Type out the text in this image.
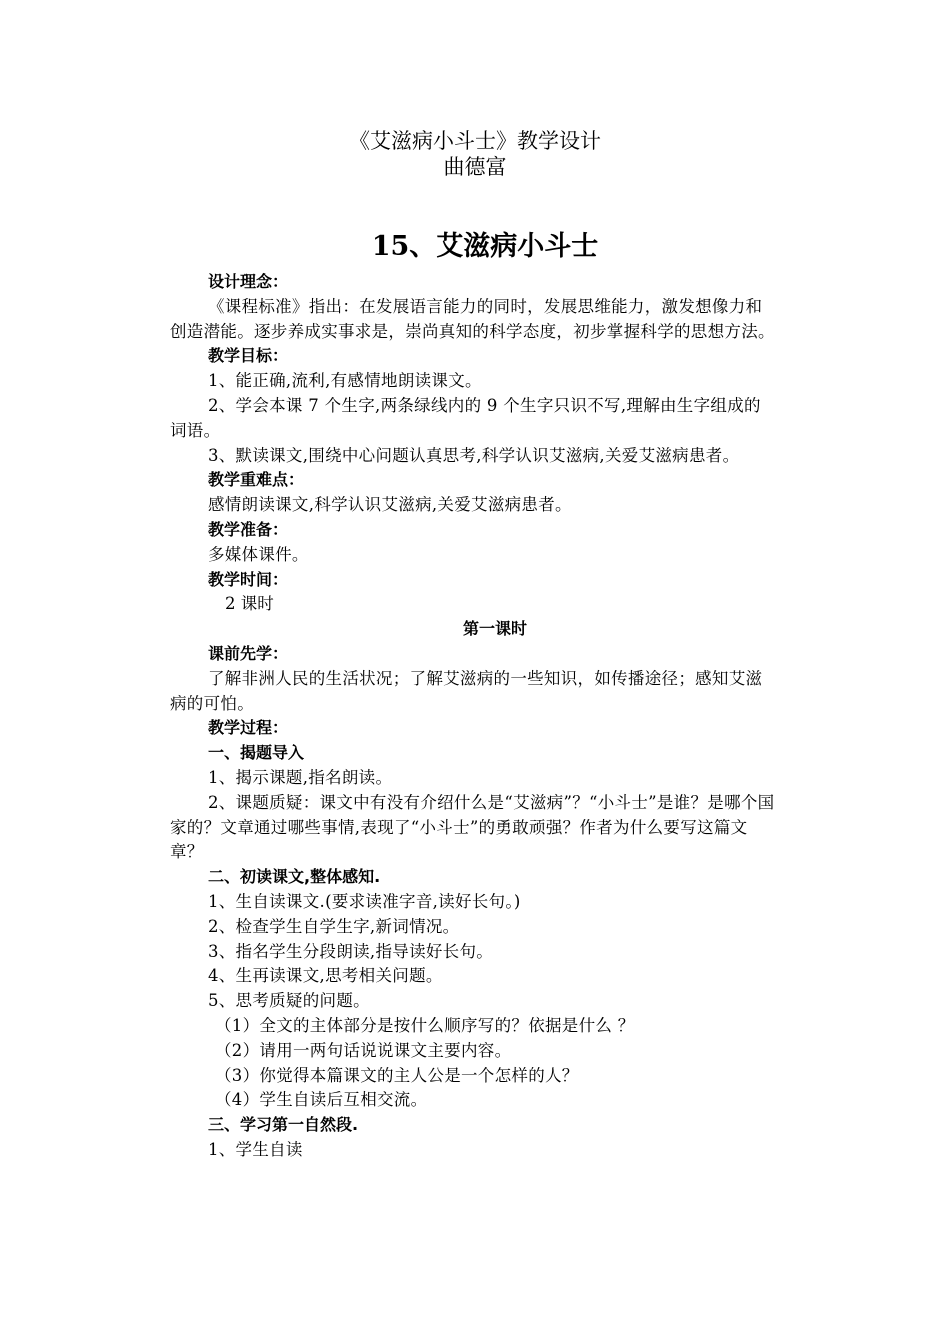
《艾滋病小斗士》教学设计
曲德富
15、艾滋病小斗士

设计理念：

《课程标准》指出：在发展语言能力的同时，发展思维能力，激发想像力和创造潜能。逐步养成实事求是，崇尚真知的科学态度，初步掌握科学的思想方法。

教学目标：

1、能正确,流利,有感情地朗读课文。

2、学会本课 7 个生字,两条绿线内的 9 个生字只识不写,理解由生字组成的词语。

3、默读课文,围绕中心问题认真思考,科学认识艾滋病,关爱艾滋病患者。

教学重难点：

感情朗读课文,科学认识艾滋病,关爱艾滋病患者。

教学准备：

多媒体课件。

教学时间：

2 课时

第一课时

课前先学：

了解非洲人民的生活状况；了解艾滋病的一些知识，如传播途径；感知艾滋病的可怕。

教学过程：

一、揭题导入

1、揭示课题,指名朗读。

2、课题质疑：课文中有没有介绍什么是“艾滋病”？“小斗士”是谁？是哪个国家的？文章通过哪些事情,表现了“小斗士”的勇敢顽强？作者为什么要写这篇文章？

二、初读课文,整体感知.

1、生自读课文.(要求读准字音,读好长句。)

2、检查学生自学生字,新词情况。

3、指名学生分段朗读,指导读好长句。

4、生再读课文,思考相关问题。

5、思考质疑的问题。

（1）全文的主体部分是按什么顺序写的？依据是什么 ？

（2）请用一两句话说说课文主要内容。

（3）你觉得本篇课文的主人公是一个怎样的人？

（4）学生自读后互相交流。

三、学习第一自然段.

1、学生自读
